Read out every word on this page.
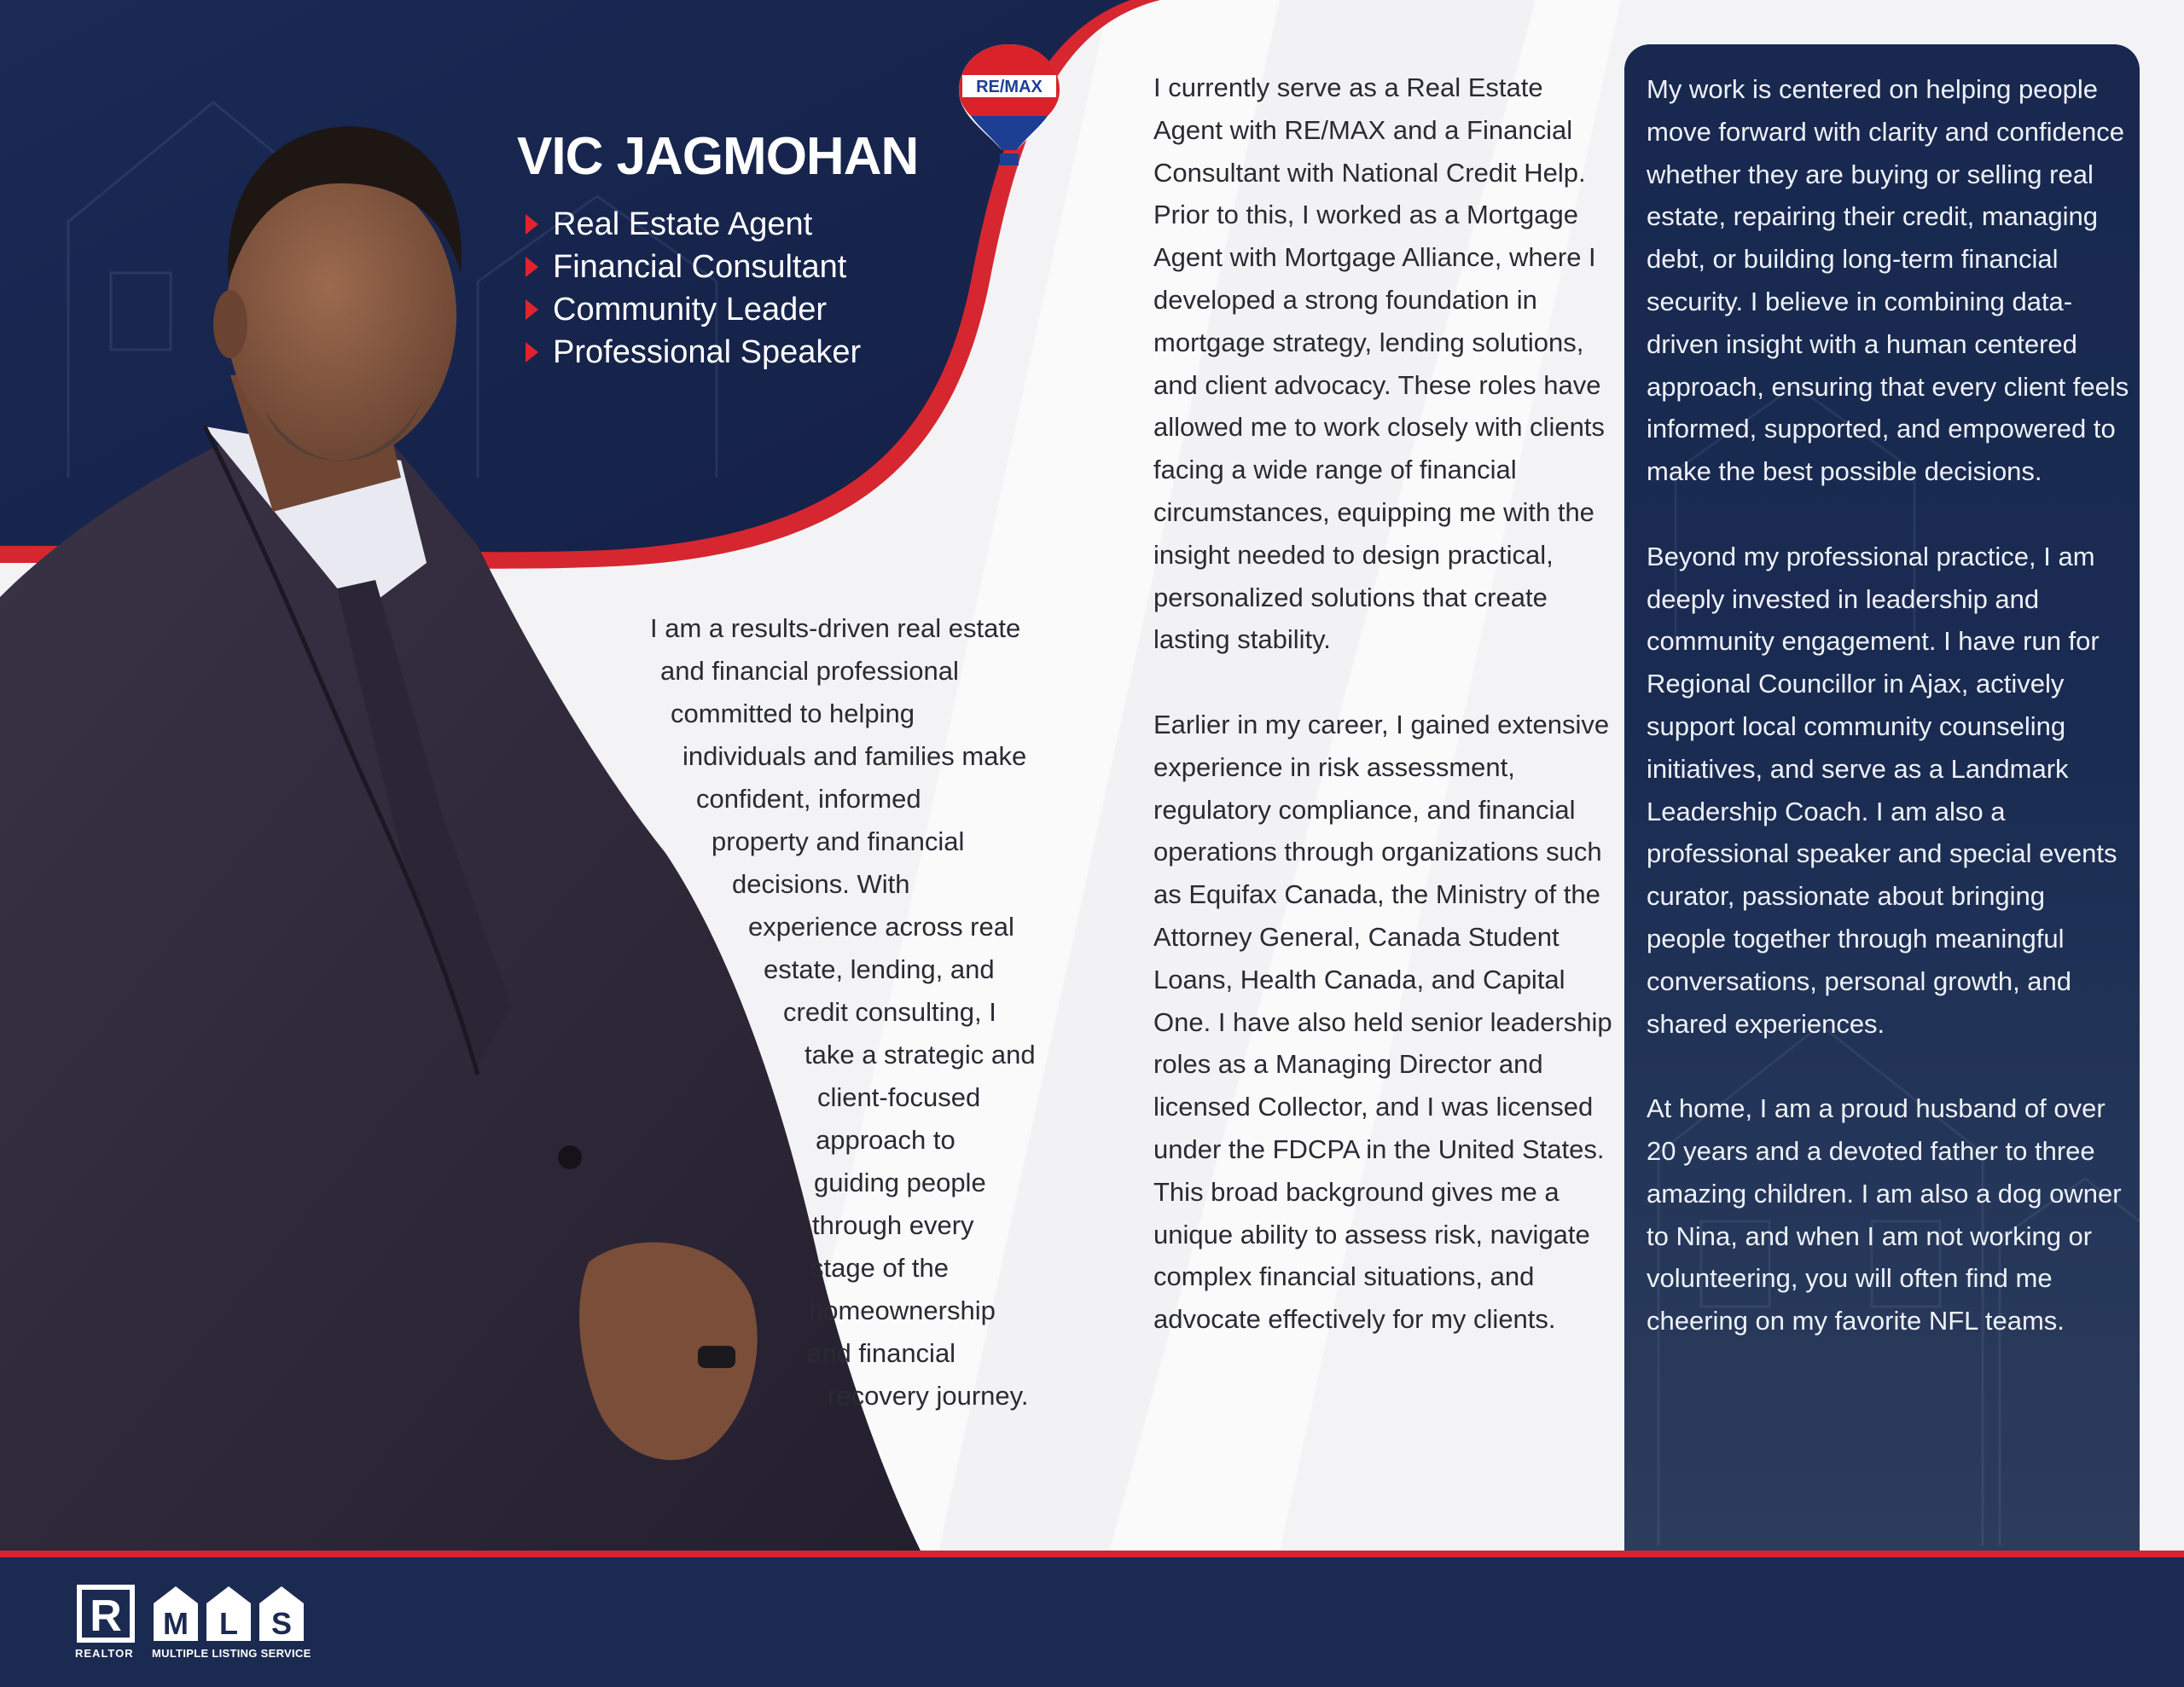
VIC JAGMOHAN
Real Estate Agent
Financial Consultant
Community Leader
Professional Speaker
RE/MAX
I am a results-driven real estate
and financial professional
committed to helping
individuals and families make
confident, informed
property and financial
decisions. With
experience across real
estate, lending, and
credit consulting, I
take a strategic and
client-focused
approach to
guiding people
through every
stage of the
homeownership
and financial
recovery journey.

I currently serve as a Real Estate Agent with RE/MAX and a Financial Consultant with National Credit Help. Prior to this, I worked as a Mortgage Agent with Mortgage Alliance, where I developed a strong foundation in mortgage strategy, lending solutions, and client advocacy. These roles have allowed me to work closely with clients facing a wide range of financial circumstances, equipping me with the insight needed to design practical, personalized solutions that create lasting stability.

Earlier in my career, I gained extensive experience in risk assessment, regulatory compliance, and financial operations through organizations such as Equifax Canada, the Ministry of the Attorney General, Canada Student Loans, Health Canada, and Capital One. I have also held senior leadership roles as a Managing Director and licensed Collector, and I was licensed under the FDCPA in the United States. This broad background gives me a unique ability to assess risk, navigate complex financial situations, and advocate effectively for my clients.

My work is centered on helping people move forward with clarity and confidence whether they are buying or selling real estate, repairing their credit, managing debt, or building long-term financial security. I believe in combining data-driven insight with a human centered approach, ensuring that every client feels informed, supported, and empowered to make the best possible decisions.

Beyond my professional practice, I am deeply invested in leadership and community engagement. I have run for Regional Councillor in Ajax, actively support local community counseling initiatives, and serve as a Landmark Leadership Coach. I am also a professional speaker and special events curator, passionate about bringing people together through meaningful conversations, personal growth, and shared experiences.

At home, I am a proud husband of over 20 years and a devoted father to three amazing children. I am also a dog owner to Nina, and when I am not working or volunteering, you will often find me cheering on my favorite NFL teams.

R
REALTOR
M L S
MULTIPLE LISTING SERVICE
